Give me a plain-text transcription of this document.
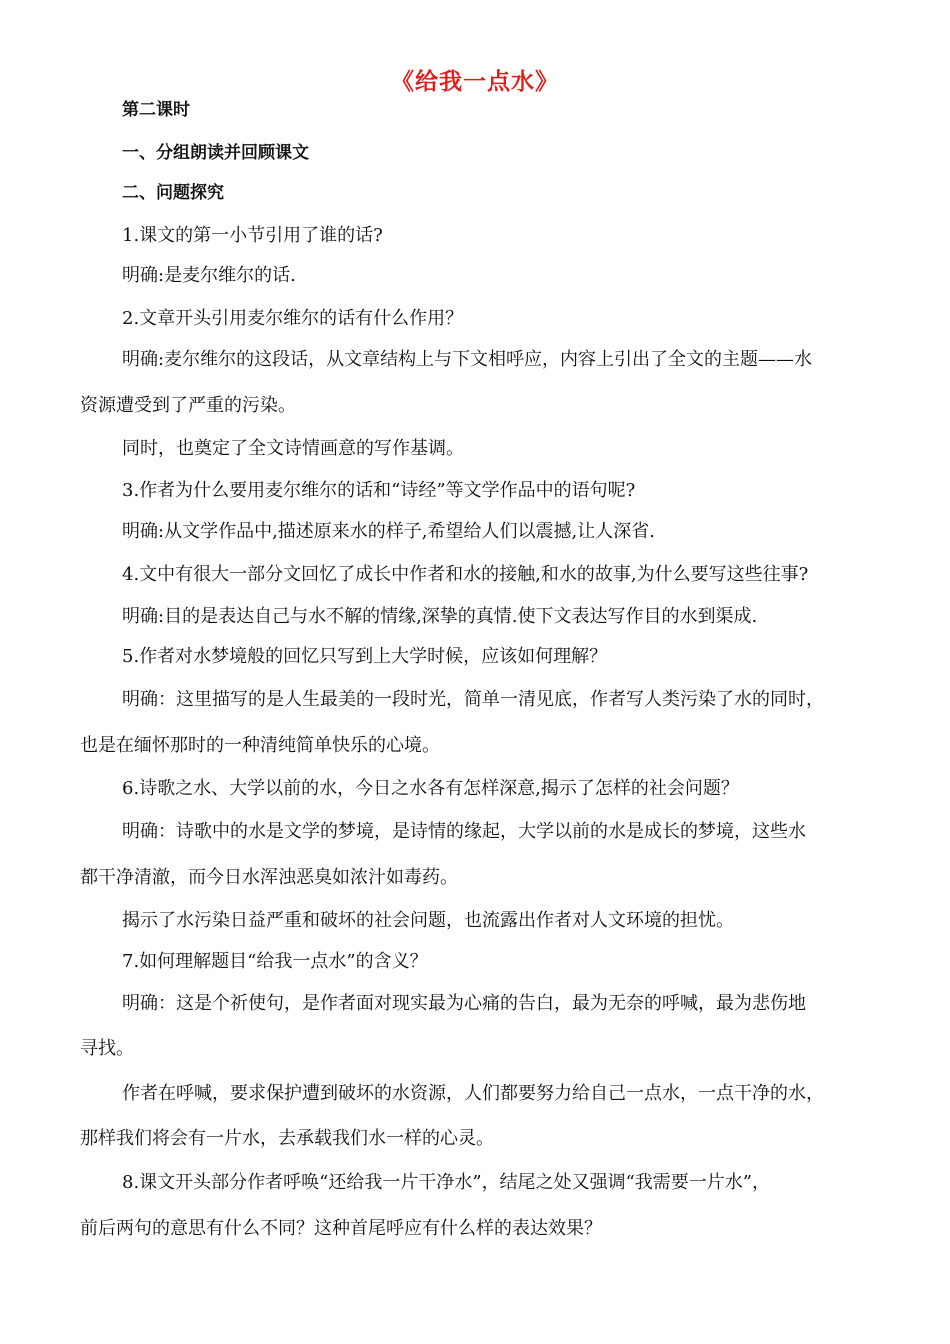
《给我一点水》
第二课时
一、分组朗读并回顾课文
二、问题探究
1.课文的第一小节引用了谁的话?
明确:是麦尔维尔的话.
2.文章开头引用麦尔维尔的话有什么作用？
明确:麦尔维尔的这段话，从文章结构上与下文相呼应，内容上引出了全文的主题——水
资源遭受到了严重的污染。
同时，也奠定了全文诗情画意的写作基调。
3.作者为什么要用麦尔维尔的话和“诗经”等文学作品中的语句呢?
明确:从文学作品中,描述原来水的样子,希望给人们以震撼,让人深省.
4.文中有很大一部分文回忆了成长中作者和水的接触,和水的故事,为什么要写这些往事?
明确:目的是表达自己与水不解的情缘,深挚的真情.使下文表达写作目的水到渠成.
5.作者对水梦境般的回忆只写到上大学时候，应该如何理解？
明确：这里描写的是人生最美的一段时光，简单一清见底，作者写人类污染了水的同时，
也是在缅怀那时的一种清纯简单快乐的心境。
6.诗歌之水、大学以前的水，今日之水各有怎样深意,揭示了怎样的社会问题？
明确：诗歌中的水是文学的梦境，是诗情的缘起，大学以前的水是成长的梦境，这些水
都干净清澈，而今日水浑浊恶臭如浓汁如毒药。
揭示了水污染日益严重和破坏的社会问题，也流露出作者对人文环境的担忧。
7.如何理解题目“给我一点水”的含义？
明确：这是个祈使句，是作者面对现实最为心痛的告白，最为无奈的呼喊，最为悲伤地
寻找。
作者在呼喊，要求保护遭到破坏的水资源，人们都要努力给自己一点水，一点干净的水，
那样我们将会有一片水，去承载我们水一样的心灵。
8.课文开头部分作者呼唤“还给我一片干净水”，结尾之处又强调“我需要一片水”，
前后两句的意思有什么不同？这种首尾呼应有什么样的表达效果？
